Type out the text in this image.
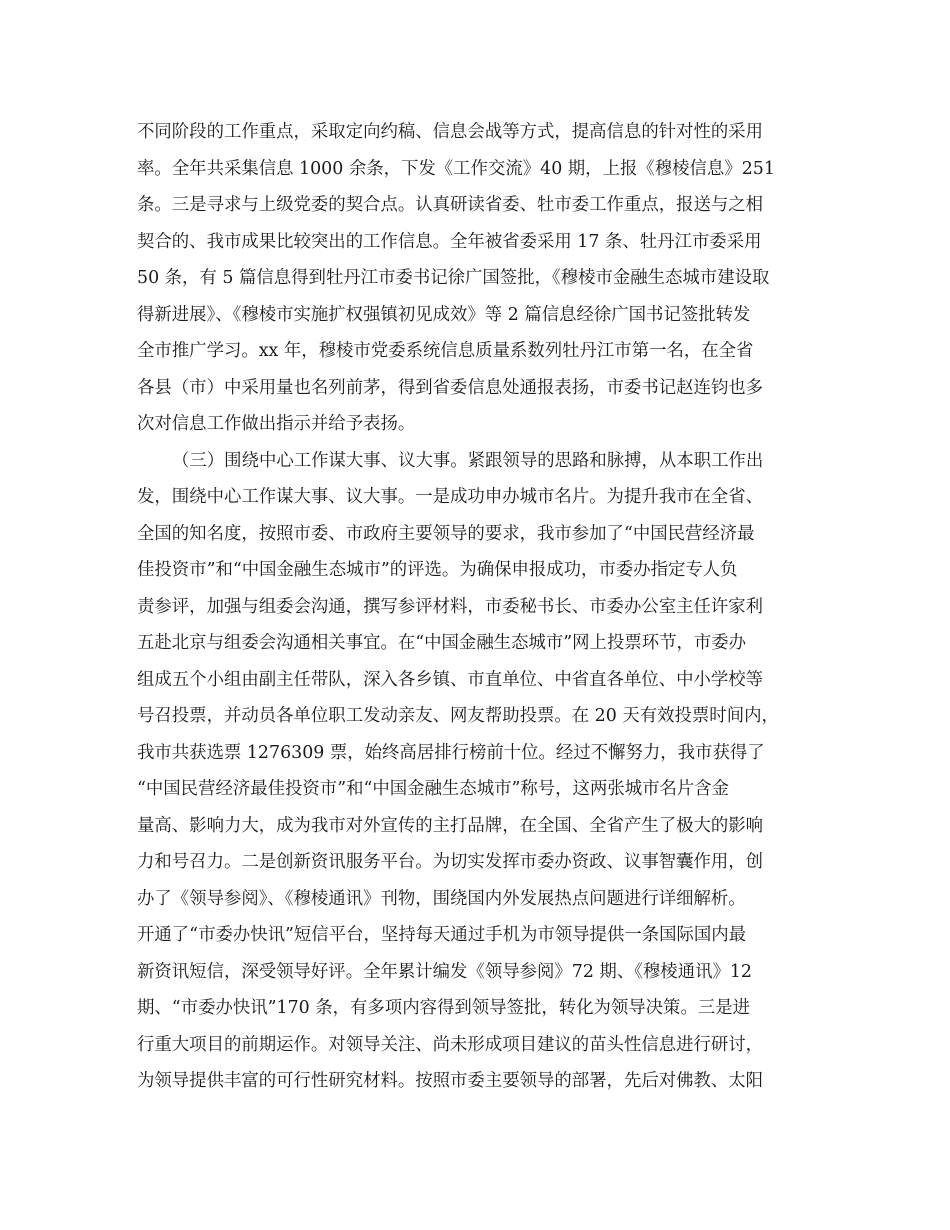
不同阶段的工作重点，采取定向约稿、信息会战等方式，提高信息的针对性的采用
率。全年共采集信息 1000 余条，下发《工作交流》40 期，上报《穆棱信息》251
条。三是寻求与上级党委的契合点。认真研读省委、牡市委工作重点，报送与之相
契合的、我市成果比较突出的工作信息。全年被省委采用 17 条、牡丹江市委采用
50 条，有 5 篇信息得到牡丹江市委书记徐广国签批，《穆棱市金融生态城市建设取
得新进展》、《穆棱市实施扩权强镇初见成效》等 2 篇信息经徐广国书记签批转发
全市推广学习。xx 年，穆棱市党委系统信息质量系数列牡丹江市第一名，在全省
各县（市）中采用量也名列前茅，得到省委信息处通报表扬，市委书记赵连钧也多
次对信息工作做出指示并给予表扬。
（三）围绕中心工作谋大事、议大事。紧跟领导的思路和脉搏，从本职工作出
发，围绕中心工作谋大事、议大事。一是成功申办城市名片。为提升我市在全省、
全国的知名度，按照市委、市政府主要领导的要求，我市参加了“中国民营经济最
佳投资市”和“中国金融生态城市”的评选。为确保申报成功，市委办指定专人负
责参评，加强与组委会沟通，撰写参评材料，市委秘书长、市委办公室主任许家利
五赴北京与组委会沟通相关事宜。在“中国金融生态城市”网上投票环节，市委办
组成五个小组由副主任带队，深入各乡镇、市直单位、中省直各单位、中小学校等
号召投票，并动员各单位职工发动亲友、网友帮助投票。在 20 天有效投票时间内，
我市共获选票 1276309 票，始终高居排行榜前十位。经过不懈努力，我市获得了
“中国民营经济最佳投资市”和“中国金融生态城市”称号，这两张城市名片含金
量高、影响力大，成为我市对外宣传的主打品牌，在全国、全省产生了极大的影响
力和号召力。二是创新资讯服务平台。为切实发挥市委办资政、议事智囊作用，创
办了《领导参阅》、《穆棱通讯》刊物，围绕国内外发展热点问题进行详细解析。
开通了“市委办快讯”短信平台，坚持每天通过手机为市领导提供一条国际国内最
新资讯短信，深受领导好评。全年累计编发《领导参阅》72 期、《穆棱通讯》12
期、“市委办快讯”170 条，有多项内容得到领导签批，转化为领导决策。三是进
行重大项目的前期运作。对领导关注、尚未形成项目建议的苗头性信息进行研讨，
为领导提供丰富的可行性研究材料。按照市委主要领导的部署，先后对佛教、太阳
